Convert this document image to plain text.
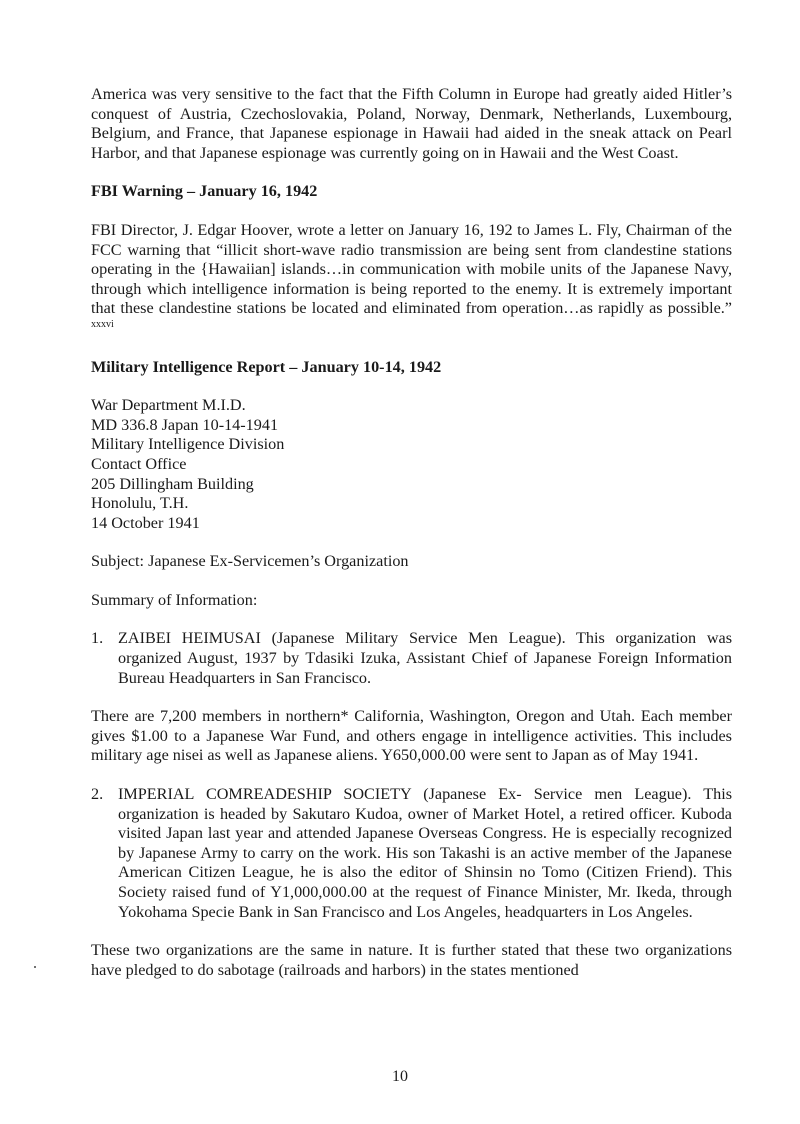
America was very sensitive to the fact that the Fifth Column in Europe had greatly aided Hitler’s conquest of Austria, Czechoslovakia, Poland, Norway, Denmark, Netherlands, Luxembourg, Belgium, and France, that Japanese espionage in Hawaii had aided in the sneak attack on Pearl Harbor, and that Japanese espionage was currently going on in Hawaii and the West Coast.

FBI Warning – January 16, 1942

FBI Director, J. Edgar Hoover, wrote a letter on January 16, 192 to James L. Fly, Chairman of the FCC warning that “illicit short-wave radio transmission are being sent from clandestine stations operating in the {Hawaiian] islands…in communication with mobile units of the Japanese Navy, through which intelligence information is being reported to the enemy. It is extremely important that these clandestine stations be located and eliminated from operation…as rapidly as possible.” $^{xxxvi}$

Military Intelligence Report – January 10-14, 1942

War Department M.I.D.
MD 336.8 Japan 10-14-1941
Military Intelligence Division
Contact Office
205 Dillingham Building
Honolulu, T.H.
14 October 1941

Subject: Japanese Ex-Servicemen’s Organization

Summary of Information:

1. ZAIBEI HEIMUSAI (Japanese Military Service Men League). This organization was organized August, 1937 by Tdasiki Izuka, Assistant Chief of Japanese Foreign Information Bureau Headquarters in San Francisco.

There are 7,200 members in northern* California, Washington, Oregon and Utah. Each member gives $1.00 to a Japanese War Fund, and others engage in intelligence activities. This includes military age nisei as well as Japanese aliens. Y650,000.00 were sent to Japan as of May 1941.

2. IMPERIAL COMREADESHIP SOCIETY (Japanese Ex- Service men League). This organization is headed by Sakutaro Kudoa, owner of Market Hotel, a retired officer. Kuboda visited Japan last year and attended Japanese Overseas Congress. He is especially recognized by Japanese Army to carry on the work. His son Takashi is an active member of the Japanese American Citizen League, he is also the editor of Shinsin no Tomo (Citizen Friend). This Society raised fund of Y1,000,000.00 at the request of Finance Minister, Mr. Ikeda, through Yokohama Specie Bank in San Francisco and Los Angeles, headquarters in Los Angeles.

These two organizations are the same in nature. It is further stated that these two organizations have pledged to do sabotage (railroads and harbors) in the states mentioned

10
